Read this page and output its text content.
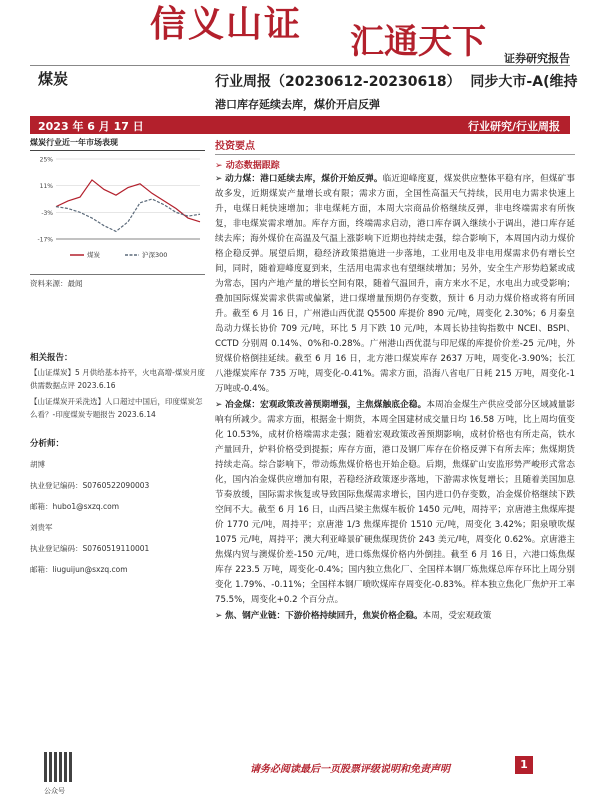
信义山证 汇通天下 证券研究报告
煤炭	行业周报（20230612-20230618） 同步大市-A(维持
港口库存延续去库，煤价开启反弹
2023 年 6 月 17 日	行业研究/行业周报
煤炭行业近一年市场表现
25%
11%
-3%
-17%
煤炭	沪深300
资料来源：最闻
相关报告：
【山证煤炭】5 月供给基本持平，火电高增-煤炭月度供需数据点评 2023.6.16
【山证煤炭开采洗选】人口超过中国后，印度煤炭怎么看？-印度煤炭专题报告 2023.6.14
分析师：
胡博
执业登记编码：S0760522090003
邮箱：hubo1@sxzq.com
刘贵军
执业登记编码：S0760519110001
邮箱：liuguijun@sxzq.com
投资要点
➢ 动态数据跟踪

➢ 动力煤：港口延续去库，煤价开始反弹。临近迎峰度夏，煤炭供应整体平稳有序，但煤矿事故多发，近期煤炭产量增长或有限；需求方面，全国性高温天气持续，民用电力需求快速上升，电煤日耗快速增加；非电煤耗方面，本周大宗商品价格继续反弹，非电终端需求有所恢复，非电煤炭需求增加。库存方面，终端需求启动，港口库存调入继续小于调出，港口库存延续去库；海外煤价在高温及气温上涨影响下近期也持续走强，综合影响下，本周国内动力煤价格企稳反弹。展望后期，稳经济政策措施进一步落地，工业用电及非电用煤需求仍有增长空间，同时，随着迎峰度夏到来，生活用电需求也有望继续增加；另外，安全生产形势趋紧或成为常态，国内产地产量的增长空间有限，随着气温回升，南方来水不足，水电出力或受影响；叠加国际煤炭需求供需或偏紧，进口煤增量预期仍存变数，预计 6 月动力煤价格或将有所回升。截至 6 月 16 日，广州港山西优混 Q5500 库提价 890 元/吨，周变化 2.30%；6 月秦皇岛动力煤长协价 709 元/吨，环比 5 月下跌 10 元/吨，本周长协挂钩指数中 NCEI、BSPI、CCTD 分别周 0.14%、0%和-0.28%。广州港山西优混与印尼煤的库提价价差-25 元/吨，外贸煤价格倒挂延续。截至 6 月 16 日，北方港口煤炭库存 2637 万吨，周变化-3.90%；长江八港煤炭库存 735 万吨，周变化-0.41%。需求方面，沿海八省电厂日耗 215 万吨，周变化-1 万吨或-0.4%。

➢ 冶金煤：宏观政策改善预期增强，主焦煤触底企稳。本周冶金煤生产供应受部分区域减量影响有所减少。需求方面，根据金十期货，本周全国建材成交量日均 16.58 万吨，比上周均值变化 10.53%，成材价格端需求走强；随着宏观政策改善预期影响，成材价格也有所走高，铁水产量回升，炉料价格受到提振；库存方面，港口及钢厂库存在价格反弹下有所去库；焦煤期货持续走高。综合影响下，带动炼焦煤价格也开始企稳。后期，焦煤矿山安监形势严峻形式常态化，国内冶金煤供应增加有限，若稳经济政策逐步落地，下游需求恢复增长；且随着美国加息节奏放缓，国际需求恢复或导致国际焦煤需求增长，国内进口仍存变数，冶金煤价格继续下跌空间不大。截至 6 月 16 日，山西吕梁主焦煤车板价 1450 元/吨，周持平；京唐港主焦煤库提价 1770 元/吨，周持平；京唐港 1/3 焦煤库提价 1510 元/吨，周变化 3.42%；阳泉喷吹煤 1075 元/吨，周持平；澳大利亚峰景矿硬焦煤现货价 243 美元/吨，周变化 0.62%。京唐港主焦煤内贸与澳煤价差-150 元/吨，进口炼焦煤价格内外倒挂。截至 6 月 16 日，六港口炼焦煤库存 223.5 万吨，周变化-0.4%；国内独立焦化厂、全国样本钢厂炼焦煤总库存环比上周分别变化 1.79%、-0.11%；全国样本钢厂喷吹煤库存周变化-0.83%。样本独立焦化厂焦炉开工率 75.5%，周变化+0.2 个百分点。

➢ 焦、钢产业链：下游价格持续回升，焦炭价格企稳。本周，受宏观政策

公众号
请务必阅读最后一页股票评级说明和免责声明	1
